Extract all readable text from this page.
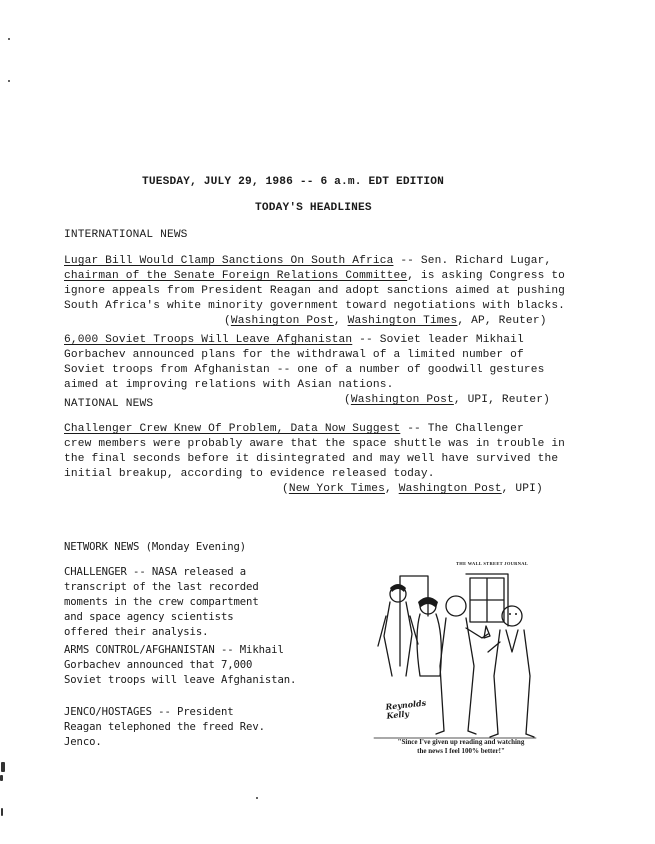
TUESDAY, JULY 29, 1986 -- 6 a.m. EDT EDITION
TODAY'S HEADLINES
INTERNATIONAL NEWS
Lugar Bill Would Clamp Sanctions On South Africa -- Sen. Richard Lugar,
chairman of the Senate Foreign Relations Committee, is asking Congress to
ignore appeals from President Reagan and adopt sanctions aimed at pushing
South Africa's white minority government toward negotiations with blacks.
(Washington Post, Washington Times, AP, Reuter)
6,000 Soviet Troops Will Leave Afghanistan -- Soviet leader Mikhail
Gorbachev announced plans for the withdrawal of a limited number of
Soviet troops from Afghanistan -- one of a number of goodwill gestures
aimed at improving relations with Asian nations.
(Washington Post, UPI, Reuter)
NATIONAL NEWS
Challenger Crew Knew Of Problem, Data Now Suggest -- The Challenger
crew members were probably aware that the space shuttle was in trouble in
the final seconds before it disintegrated and may well have survived the
initial breakup, according to evidence released today.
(New York Times, Washington Post, UPI)
NETWORK NEWS (Monday Evening)
CHALLENGER -- NASA released a
transcript of the last recorded
moments in the crew compartment
and space agency scientists
offered their analysis.
ARMS CONTROL/AFGHANISTAN -- Mikhail
Gorbachev announced that 7,000
Soviet troops will leave Afghanistan.
JENCO/HOSTAGES -- President
Reagan telephoned the freed Rev.
Jenco.
THE WALL STREET JOURNAL
Reynolds Kelly
"Since I've given up reading and watching
the news I feel 100% better!"
